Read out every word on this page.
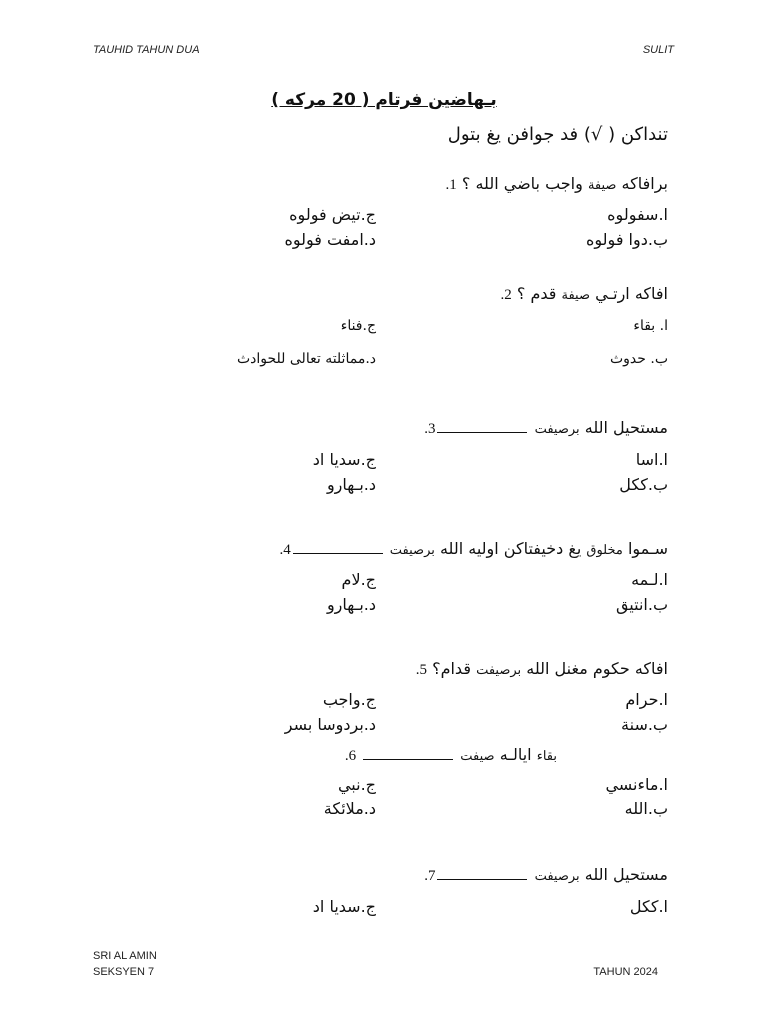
TAUHID TAHUN DUA	SULIT
بـهاضين فرتام ( 20 مركه )
تنداكن ( √) فد جوافن يغ بتول
برافاكه صيفة واجب باضي الله ؟ 1.
ا.سفولوه
ج.تيض فولوه
ب.دوا فولوه
د.امفت فولوه
افاكه ارتـي صيفة قدم ؟ 2.
ا. بقاء
ج.فناء
ب. حدوث
د.مماثلته تعالى للحوادث
مستحيل الله برصيفت 3.
ا.اسا
ج.سديا اد
ب.ككل
د.بـهارو
سـموا مخلوق يغ دخيفتاكن اوليه الله برصيفت 4.
ا.لـمه
ج.لام
ب.انتيق
د.بـهارو
افاكه حكوم مغنل الله برصيفت قدام؟ 5.
ا.حرام
ج.واجب
ب.سنة
د.بردوسا بسر
بقاء ايالـه صيفت  6.
ا.ماءنسي
ج.نبي
ب.الله
د.ملائكة
مستحيل الله برصيفت 7.
ا.ككل
ج.سديا اد
SRI AL AMIN
SEKSYEN 7	TAHUN 2024
